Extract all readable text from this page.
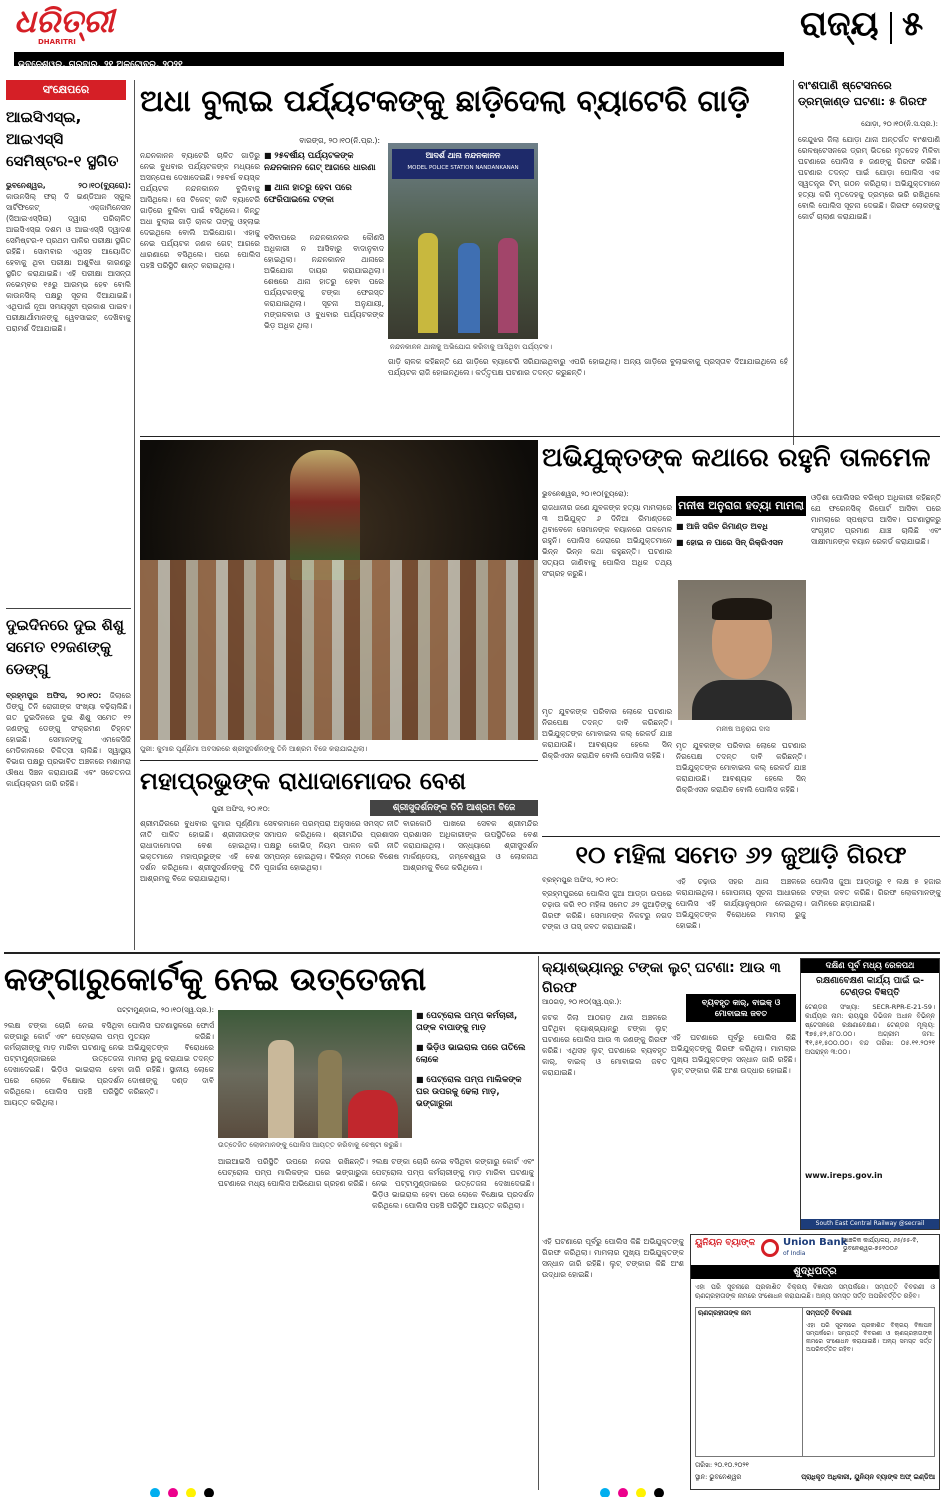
ଧରିତ୍ରୀ
DHARITRI	ରାଜ୍ୟ ୫
ଭୁବନେଶ୍ୱର, ଗୁରୁବାର, ୨୧ ଅକ୍ଟୋବର, ୨୦୨୧
ସଂକ୍ଷେପରେ
ଆଇସିଏସ୍‌ଇ, ଆଇଏସ୍‌ସି ସେମିଷ୍ଟର-୧ ସ୍ଥଗିତ
ଭୁବନେଶ୍ୱର, ୨୦।୧୦(ବ୍ୟୁରୋ): କାଉନସିଲ୍‌ ଫର୍‌ ଦି ଇଣ୍ଡିଆନ ସ୍କୁଲ ସାର୍ଟିଫିକେଟ୍‌ ଏକ୍ଜାମିନେସନ (ସିଆଇଏସ୍‌ସିଇ) ଦ୍ୱାରା ପରିଚାଳିତ ଆଇସିଏସ୍‌ଇ ଦଶମ ଓ ଆଇଏସ୍‌ସି ଦ୍ୱାଦଶ ସେମିଷ୍ଟର-୧ ପ୍ରଥମ ପାଳିର ପରୀକ୍ଷା ସ୍ଥଗିତ ରହିଛି। ସୋମବାର ଏଥିସହ ଆୟୋଜିତ ହେବାକୁ ଥିବା ପରୀକ୍ଷା ଅଶୁବିଧା କାରଣରୁ ସ୍ଥଗିତ କରାଯାଇଛି। ଏହି ପରୀକ୍ଷା ଆସନ୍ତା ନଭେମ୍ବର ୧୫ରୁ ଆରମ୍ଭ ହେବ ବୋଲି କାଉନସିଲ୍‌ ପକ୍ଷରୁ ସୂଚନା ଦିଆଯାଇଛି। ଏଥିପାଇଁ ନୂଆ ସମୟସୂଚୀ ପ୍ରକାଶ ପାଇବ। ପରୀକ୍ଷାର୍ଥୀମାନଙ୍କୁ ୱେବସାଇଟ୍‌ ଦେଖିବାକୁ ପରାମର୍ଶ ଦିଆଯାଇଛି।
ଦୁଇଦିନରେ ଦୁଇ ଶିଶୁ ସମେତ ୧୨ଜଣଙ୍କୁ ଡେଙ୍ଗୁ
ବ୍ରହ୍ମପୁର ଅଫିସ, ୨୦।୧୦: ଜିଲାରେ ଡିଙ୍ଗୁ ତିନି ରୋଗୀଙ୍କ ସଂଖ୍ୟା ବଢ଼ିଚାଲିଛି। ଗତ ଦୁଇଦିନରେ ଦୁଇ ଶିଶୁ ସମେତ ୧୨ ଜଣଙ୍କୁ ଡେଙ୍ଗୁ ସଂକ୍ରମଣ ଚିହ୍ନଟ ହୋଇଛି। ସେମାନଙ୍କୁ ଏମକେସିଜି ମେଡିକାଲରେ ଚିକିତ୍ସା ଚାଲିଛି। ସ୍ୱାସ୍ଥ୍ୟ ବିଭାଗ ପକ୍ଷରୁ ପ୍ରଭାବିତ ଅଞ୍ଚଳରେ ମଶାମରା ଔଷଧ ସିଞ୍ଚନ କରାଯାଉଛି ଏବଂ ସଚେତନତା କାର୍ଯ୍ୟକ୍ରମ ଜାରି ରହିଛି।
ଅଧା ବୁଲାଇ ପର୍ଯ୍ୟଟକଙ୍କୁ ଛାଡ଼ିଦେଲା ବ୍ୟାଟେରି ଗାଡ଼ି
ବାରଙ୍ଗ, ୨୦।୧୦(ନି.ପ୍ର.):
ନନ୍ଦନକାନନ ବ୍ୟାଟେରି ଚାଳିତ ଗାଡ଼ିରୁ ନେଇ ବୁଧବାର ପର୍ଯ୍ୟଟକଙ୍କ ମଧ୍ୟରେ ଅସନ୍ତୋଷ ଦେଖାଦେଇଛି। ୨୫ବର୍ଷ ବୟସ୍କ ପର୍ଯ୍ୟଟକ ନନ୍ଦନକାନନ ବୁଲିବାକୁ ଆସିଥିଲେ। ସେ ଟିକେଟ୍‌ କାଟି ବ୍ୟାଟେରି ଗାଡ଼ିରେ ବୁଲିବା ପାଇଁ ବସିଥିଲେ। କିନ୍ତୁ ଅଧା ବୁଲାଇ ଗାଡ଼ି ଚାଳକ ତାଙ୍କୁ ଓହ୍ଲାଇ ଦେଇଥିଲେ ବୋଲି ଅଭିଯୋଗ। ଏହାକୁ ନେଇ ପର୍ଯ୍ୟଟକ ଜଣକ ଗେଟ୍‌ ଆଗରେ ଧାରଣାରେ ବସିଥିଲେ। ପରେ ପୋଲିସ ପହଞ୍ଚି ପରିସ୍ଥିତି ଶାନ୍ତ କରାଇଥିଲା।
■ ୨୫ବର୍ଷୀୟ ପର୍ଯ୍ୟଟକଙ୍କ ନନ୍ଦନକାନନ ଗେଟ୍‌ ଆଗରେ ଧାରଣା
■ ଥାନା ହାତରୁ ହେବା ପରେ ଫେରିପାଇଲେ ଟଙ୍କା
ବସିବାପରେ ନନ୍ଦନକାନନର କୌଣସି ଅଧିକାରୀ ନ ଆସିବାରୁ ବାଦାନୁବାଦ ହୋଇଥିଲା। ନନ୍ଦନକାନନ ଥାନାରେ ଅଭିଯୋଗ ଦାୟର କରାଯାଇଥିଲା। ଶେଷରେ ଥାନା ହାତରୁ ହେବା ପରେ ପର୍ଯ୍ୟଟକଙ୍କୁ ଟଙ୍କା ଫେରସ୍ତ କରାଯାଇଥିଲା। ସୂଚନା ଅନୁଯାୟୀ, ମଙ୍ଗଳବାର ଓ ବୁଧବାର ପର୍ଯ୍ୟଟକଙ୍କ ଭିଡ଼ ଅଧିକ ଥିଲା।
ଆଦର୍ଶ ଥାନା ନନ୍ଦନକାନନ
MODEL POLICE STATION NANDANKANAN
ନନ୍ଦନକାନନ ଥାନାକୁ ଅଭିଯୋଗ କରିବାକୁ ଆସିଥିବା ପର୍ଯ୍ୟଟକ।
ଗାଡ଼ି ଚାଳକ କହିଛନ୍ତି ଯେ ଗାଡ଼ିରେ ବ୍ୟାଟେରି ସରିଯାଇଥିବାରୁ ଏପରି ହୋଇଥିଲା। ଅନ୍ୟ ଗାଡ଼ିରେ ବୁଲାଇବାକୁ ପ୍ରସ୍ତାବ ଦିଆଯାଇଥିଲେ ହେଁ ପର୍ଯ୍ୟଟକ ରାଜି ହୋଇନଥିଲେ। କର୍ତ୍ତୃପକ୍ଷ ଘଟଣାର ତଦନ୍ତ କରୁଛନ୍ତି।
ବାଂଶପାଣି ଷ୍ଟେସନରେ ଡ୍ରମ୍‌କାଣ୍ଡ ଘଟଣା: ୫ ଗିରଫ
ଯୋଡ଼ା, ୨୦।୧୦(ନି.ସ.ପ୍ର.):
କେନ୍ଦୁଝର ଜିଲା ଯୋଡ଼ା ଥାନା ଅନ୍ତର୍ଗତ ବାଂଶପାଣି ରେଳଷ୍ଟେସନରେ ଡ୍ରମ୍‌ ଭିତରେ ମୃତଦେହ ମିଳିବା ଘଟଣାରେ ପୋଲିସ ୫ ଜଣଙ୍କୁ ଗିରଫ କରିଛି। ଘଟଣାର ତଦନ୍ତ ପାଇଁ ଯୋଡ଼ା ପୋଲିସ ଏକ ସ୍ୱତନ୍ତ୍ର ଟିମ୍‌ ଗଠନ କରିଥିଲା। ଅଭିଯୁକ୍ତମାନେ ହତ୍ୟା କରି ମୃତଦେହକୁ ଡ୍ରମ୍‌ରେ ଭରି ରଖିଥିଲେ ବୋଲି ପୋଲିସ ସୂଚନା ଦେଇଛି। ଗିରଫ ଲୋକଙ୍କୁ କୋର୍ଟ ଚାଲାଣ କରାଯାଇଛି।
ପୁରୀ: କୁମାର ପୂର୍ଣ୍ଣିମା ଅବସରରେ ଶ୍ରୀସୁଦର୍ଶନଙ୍କୁ ତିନି ଆଶ୍ରମ ବିଜେ କରାଯାଇଥିଲା।
ଅଭିଯୁକ୍ତଙ୍କ କଥାରେ ରହୁନି ତାଳମେଳ
ଭୁବନେଶ୍ୱର, ୨୦।୧୦(ବ୍ୟୁରୋ):
ରାଜଧାନୀର ଜଣେ ଯୁବକଙ୍କ ହତ୍ୟା ମାମଲାରେ ୩ ଅଭିଯୁକ୍ତ ୬ ଦିନିଆ ରିମାଣ୍ଡରେ ଥିବାବେଳେ ସେମାନଙ୍କ ବୟାନରେ ତାଳମେଳ ରହୁନି। ପୋଲିସ ଜେରାରେ ଅଭିଯୁକ୍ତମାନେ ଭିନ୍ନ ଭିନ୍ନ କଥା କହୁଛନ୍ତି। ଘଟଣାର ସତ୍ୟତା ଜାଣିବାକୁ ପୋଲିସ ଅଧିକ ତଥ୍ୟ ସଂଗ୍ରହ କରୁଛି।
ମନୀଷ ଅନୁରାଗ ହତ୍ୟା ମାମଲା
■ ଆଜି ସରିବ ରିମାଣ୍ଡ ଅବଧି
■ ହୋଇ ନ ପାରେ ସିନ୍‌ ରିକ୍ରିଏସନ
ମନୀଷ ଅନୁରାଗ ଦାସ
ମୃତ ଯୁବକଙ୍କ ପରିବାର ଲୋକେ ଘଟଣାର ନିରପେକ୍ଷ ତଦନ୍ତ ଦାବି କରିଛନ୍ତି। ଅଭିଯୁକ୍ତଙ୍କ ମୋବାଇଲ କଲ୍‌ ରେକର୍ଡ ଯାଞ୍ଚ କରାଯାଉଛି। ଆବଶ୍ୟକ ହେଲେ ସିନ୍‌ ରିକ୍ରିଏସନ କରାଯିବ ବୋଲି ପୋଲିସ କହିଛି।
ଓଡ଼ିଶା ପୋଲିସର ବରିଷ୍ଠ ଅଧିକାରୀ କହିଛନ୍ତି ଯେ ଫରେନସିକ୍‌ ରିପୋର୍ଟ ଆସିବା ପରେ ମାମଲାରେ ସ୍ପଷ୍ଟତା ଆସିବ। ଘଟଣାସ୍ଥଳରୁ ସଂଗୃହୀତ ପ୍ରମାଣ ଯାଞ୍ଚ ଚାଲିଛି ଏବଂ ସାକ୍ଷୀମାନଙ୍କ ବୟାନ ରେକର୍ଡ କରାଯାଇଛି।
ମୃତ ଯୁବକଙ୍କ ପରିବାର ଲୋକେ ଘଟଣାର ନିରପେକ୍ଷ ତଦନ୍ତ ଦାବି କରିଛନ୍ତି। ଅଭିଯୁକ୍ତଙ୍କ ମୋବାଇଲ କଲ୍‌ ରେକର୍ଡ ଯାଞ୍ଚ କରାଯାଉଛି। ଆବଶ୍ୟକ ହେଲେ ସିନ୍‌ ରିକ୍ରିଏସନ କରାଯିବ ବୋଲି ପୋଲିସ କହିଛି।
ମହାପ୍ରଭୁଙ୍କ ରାଧାଦାମୋଦର ବେଶ
ପୁରୀ ଅଫିସ, ୨୦।୧୦:	ଶ୍ରୀସୁଦର୍ଶନଙ୍କ ତିନି ଆଶ୍ରମ ବିଜେ
ଶ୍ରୀମନ୍ଦିରରେ ବୁଧବାର କୁମାର ପୂର୍ଣ୍ଣିମା ନୀତି ପାଳିତ ହୋଇଛି। ଶ୍ରୀଜୀଉଙ୍କ ରାଧାଦାମୋଦର ବେଶ ହୋଇଥିଲା। ଭକ୍ତମାନେ ମହାପ୍ରଭୁଙ୍କ ଏହି ବେଶ ଦର୍ଶନ କରିଥିଲେ। ଶ୍ରୀସୁଦର୍ଶନଙ୍କୁ ତିନି ଆଶ୍ରମକୁ ବିଜେ କରାଯାଇଥିଲା।
ସେବକମାନେ ପରମ୍ପରା ଅନୁସାରେ ସମସ୍ତ ନୀତି ସମାପନ କରିଥିଲେ। ଶ୍ରୀମନ୍ଦିର ପ୍ରଶାସନ ପକ୍ଷରୁ କୋଭିଡ୍‌ ନିୟମ ପାଳନ କରି ନୀତି ସମ୍ପନ୍ନ ହୋଇଥିଲା। ବିଭିନ୍ନ ମଠରେ ବିଶେଷ ପୂଜାର୍ଚ୍ଚନା ହୋଇଥିଲା।
ବାରକୋଠି ପାଖରେ ସେବକ ଶ୍ରୀମନ୍ଦିର ପ୍ରଶାସନ ଅଧିକାରୀଙ୍କ ଉପସ୍ଥିତିରେ ବେଶ କରାଯାଇଥିଲା। ସନ୍ଧ୍ୟାରେ ଶ୍ରୀସୁଦର୍ଶନ ମାର୍କଣ୍ଡେୟ, ଜମ୍ବେଶ୍ୱର ଓ ଲୋକନାଥ ଆଶ୍ରମକୁ ବିଜେ କରିଥିଲେ।	୧୦ ମହିଳା ସମେତ ୬୨ ଜୁଆଡ଼ି ଗିରଫ
ବ୍ରହ୍ମପୁର ଅଫିସ, ୨୦।୧୦:
ବ୍ରହ୍ମପୁରରେ ପୋଲିସ ଜୁଆ ଆଡ୍ଡା ଉପରେ ଚଢ଼ାଉ କରି ୧୦ ମହିଳା ସମେତ ୬୨ ଜୁଆଡ଼ିଙ୍କୁ ଗିରଫ କରିଛି। ସେମାନଙ୍କ ନିକଟରୁ ନଗଦ ଟଙ୍କା ଓ ତାସ୍‌ ଜବତ କରାଯାଇଛି।
ଏହି ଚଢ଼ାଉ ସହର ଥାନା ଅଞ୍ଚଳରେ କରାଯାଇଥିଲା। ଗୋପନୀୟ ସୂଚନା ଆଧାରରେ ପୋଲିସ ଏହି କାର୍ଯ୍ୟାନୁଷ୍ଠାନ ନେଇଥିଲା। ଅଭିଯୁକ୍ତଙ୍କ ବିରୋଧରେ ମାମଲା ରୁଜୁ ହୋଇଛି।
ପୋଲିସ ଜୁଆ ଆଡ୍ଡାରୁ ୧ ଲକ୍ଷ ୫ ହଜାର ଟଙ୍କା ଜବତ କରିଛି। ଗିରଫ ଲୋକମାନଙ୍କୁ ଜାମିନରେ ଛଡ଼ାଯାଇଛି।
କଙ୍ଗାରୁକୋର୍ଟକୁ ନେଇ ଉତ୍ତେଜନା
ପଟ୍ଟାମୁଣ୍ଡାଇ, ୨୦।୧୦(ସ୍ୱ.ପ୍ର.):
ଉତ୍ତେଜିତ ଲୋକମାନଙ୍କୁ ପୋଲିସ ଆୟତ୍ତ କରିବାକୁ ଚେଷ୍ଟା କରୁଛି।
■ ପେଟ୍ରୋଲ ପମ୍ପ କର୍ମଚାରୀ, ତାଙ୍କ ବାପାଙ୍କୁ ମାଡ଼
■ ଭିଡ଼ିଓ ଭାଇରାଲ ପରେ ତାତିଲେ ଲୋକେ
■ ପେଟ୍ରୋଲ ପମ୍ପ ମାଲିକଙ୍କ ଘର ଉପରକୁ ଢେଲା ମାଡ଼, ଭଙ୍ଗାରୁଜା
୨ଲକ୍ଷ ଟଙ୍କା ଚୋରି ନେଇ ବସିଥିବା କଙ୍ଗାରୁ କୋର୍ଟ ଏବଂ ପେଟ୍ରୋଲ ପମ୍ପ କର୍ମଚାରୀଙ୍କୁ ମାଡ଼ ମାରିବା ଘଟଣାକୁ ନେଇ ପଟ୍ଟାମୁଣ୍ଡାଇରେ ଉତ୍ତେଜନା ଦେଖାଦେଇଛି। ଭିଡ଼ିଓ ଭାଇରାଲ ହେବା ପରେ ଲୋକେ ବିକ୍ଷୋଭ ପ୍ରଦର୍ଶନ କରିଥିଲେ। ପୋଲିସ ପହଞ୍ଚି ପରିସ୍ଥିତି ଆୟତ୍ତ କରିଥିଲା।
ପୋଲିସ ଘଟଣାସ୍ଥଳରେ ଫୋର୍ସ ମୁତୟନ କରିଛି। ଅଭିଯୁକ୍ତଙ୍କ ବିରୋଧରେ ମାମଲା ରୁଜୁ କରାଯାଇ ତଦନ୍ତ ଜାରି ରହିଛି। ସ୍ଥାନୀୟ ଲୋକେ ଦୋଷୀଙ୍କୁ ଦଣ୍ଡ ଦାବି କରିଛନ୍ତି।
ଆଇଆଇସି ପରିସ୍ଥିତି ଉପରେ ନଜର ରଖିଛନ୍ତି। ପେଟ୍ରୋଲ ପମ୍ପ ମାଲିକଙ୍କ ଘରେ ଭଙ୍ଗାରୁଜା ଘଟଣାରେ ମଧ୍ୟ ପୋଲିସ ଅଭିଯୋଗ ଗ୍ରହଣ କରିଛି।
୨ଲକ୍ଷ ଟଙ୍କା ଚୋରି ନେଇ ବସିଥିବା କଙ୍ଗାରୁ କୋର୍ଟ ଏବଂ ପେଟ୍ରୋଲ ପମ୍ପ କର୍ମଚାରୀଙ୍କୁ ମାଡ଼ ମାରିବା ଘଟଣାକୁ ନେଇ ପଟ୍ଟାମୁଣ୍ଡାଇରେ ଉତ୍ତେଜନା ଦେଖାଦେଇଛି। ଭିଡ଼ିଓ ଭାଇରାଲ ହେବା ପରେ ଲୋକେ ବିକ୍ଷୋଭ ପ୍ରଦର୍ଶନ କରିଥିଲେ। ପୋଲିସ ପହଞ୍ଚି ପରିସ୍ଥିତି ଆୟତ୍ତ କରିଥିଲା।
କ୍ୟାଶ୍‌ଭ୍ୟାନ୍‌ରୁ ଟଙ୍କା ଲୁଟ୍‌ ଘଟଣା: ଆଉ ୩ ଗିରଫ
ଆଠଗଡ଼, ୨୦।୧୦(ସ୍ୱ.ପ୍ର.):	ବ୍ୟବହୃତ କାର୍‌, ବାଇକ୍‌ ଓ ମୋବାଇଲ ଜବତ
କଟକ ଜିଲା ଆଠଗଡ଼ ଥାନା ଅଞ୍ଚଳରେ ଘଟିଥିବା କ୍ୟାଶ୍‌ଭ୍ୟାନ୍‌ରୁ ଟଙ୍କା ଲୁଟ୍‌ ଘଟଣାରେ ପୋଲିସ ଆଉ ୩ ଜଣଙ୍କୁ ଗିରଫ କରିଛି। ଏଥିସହ ଲୁଟ୍‌ ଘଟଣାରେ ବ୍ୟବହୃତ କାର୍‌, ବାଇକ୍‌ ଓ ମୋବାଇଲ ଜବତ କରାଯାଇଛି।
ଏହି ଘଟଣାରେ ପୂର୍ବରୁ ପୋଲିସ କିଛି ଅଭିଯୁକ୍ତଙ୍କୁ ଗିରଫ କରିଥିଲା। ମାମଲାର ମୁଖ୍ୟ ଅଭିଯୁକ୍ତଙ୍କ ସନ୍ଧାନ ଜାରି ରହିଛି। ଲୁଟ୍‌ ଟଙ୍କାର କିଛି ଅଂଶ ଉଦ୍ଧାର ହୋଇଛି।
ଦକ୍ଷିଣ ପୂର୍ବ ମଧ୍ୟ ରେଳପଥ
ରକ୍ଷଣାବେକ୍ଷଣ କାର୍ଯ୍ୟ ପାଇଁ ଇ-ଟେଣ୍ଡର ବିଜ୍ଞପ୍ତି
ଟେଣ୍ଡର ସଂଖ୍ୟା: SECR-RPR-E-21-59। କାର୍ଯ୍ୟର ନାମ: ରାୟପୁର ଡିଭିଜନ ଅଧୀନ ବିଭିନ୍ନ ଷ୍ଟେସନରେ ରକ୍ଷଣାବେକ୍ଷଣ। ଟେଣ୍ଡର ମୂଲ୍ୟ: ₹୭୫,୫୨,୫୮୦.୦୦। ଅଗ୍ରୀମ ଜମା: ₹୧,୫୧,୫୦୦.୦୦। ବନ୍ଦ ତାରିଖ: ୦୫.୧୧.୨୦୨୧ ଅପରାହ୍ନ ୩:୦୦।
www.ireps.gov.in
South East Central Railway @secrail
ୟୁନିୟନ ବ୍ୟାଙ୍କ	Union Bank
of India
ଆଞ୍ଚଳିକ କାର୍ଯ୍ୟାଳୟ, ୬୫/୫୫-ବି, ଭୁବନେଶ୍ୱର-୭୫୧୦୦୬
ଶୁଦ୍ଧିପତ୍ର
ଏହା ପରି ସୂଚନାରେ ପ୍ରକାଶିତ ବିକ୍ରୟ ବିଜ୍ଞାପନ ସମ୍ପର୍କରେ। ସମ୍ପତ୍ତି ବିବରଣୀ ଓ ଋଣଗ୍ରହୀତାଙ୍କ ନାମରେ ସଂଶୋଧନ କରାଯାଇଛି। ଅନ୍ୟ ସମସ୍ତ ସର୍ତ୍ତ ଅପରିବର୍ତ୍ତିତ ରହିବ।
ଋଣଗ୍ରହୀତାଙ୍କ ନାମ	ସମ୍ପତ୍ତି ବିବରଣୀ
ଏହା ପରି ସୂଚନାରେ ପ୍ରକାଶିତ ବିକ୍ରୟ ବିଜ୍ଞାପନ ସମ୍ପର୍କରେ। ସମ୍ପତ୍ତି ବିବରଣୀ ଓ ଋଣଗ୍ରହୀତାଙ୍କ ନାମରେ ସଂଶୋଧନ କରାଯାଇଛି। ଅନ୍ୟ ସମସ୍ତ ସର୍ତ୍ତ ଅପରିବର୍ତ୍ତିତ ରହିବ।
ତାରିଖ: ୨୦.୧୦.୨୦୨୧
ସ୍ଥାନ: ଭୁବନେଶ୍ୱର	ପ୍ରାଧିକୃତ ଅଧିକାରୀ, ୟୁନିୟନ ବ୍ୟାଙ୍କ ଅଫ୍‌ ଇଣ୍ଡିଆ
ଏହି ଘଟଣାରେ ପୂର୍ବରୁ ପୋଲିସ କିଛି ଅଭିଯୁକ୍ତଙ୍କୁ ଗିରଫ କରିଥିଲା। ମାମଲାର ମୁଖ୍ୟ ଅଭିଯୁକ୍ତଙ୍କ ସନ୍ଧାନ ଜାରି ରହିଛି। ଲୁଟ୍‌ ଟଙ୍କାର କିଛି ଅଂଶ ଉଦ୍ଧାର ହୋଇଛି।
